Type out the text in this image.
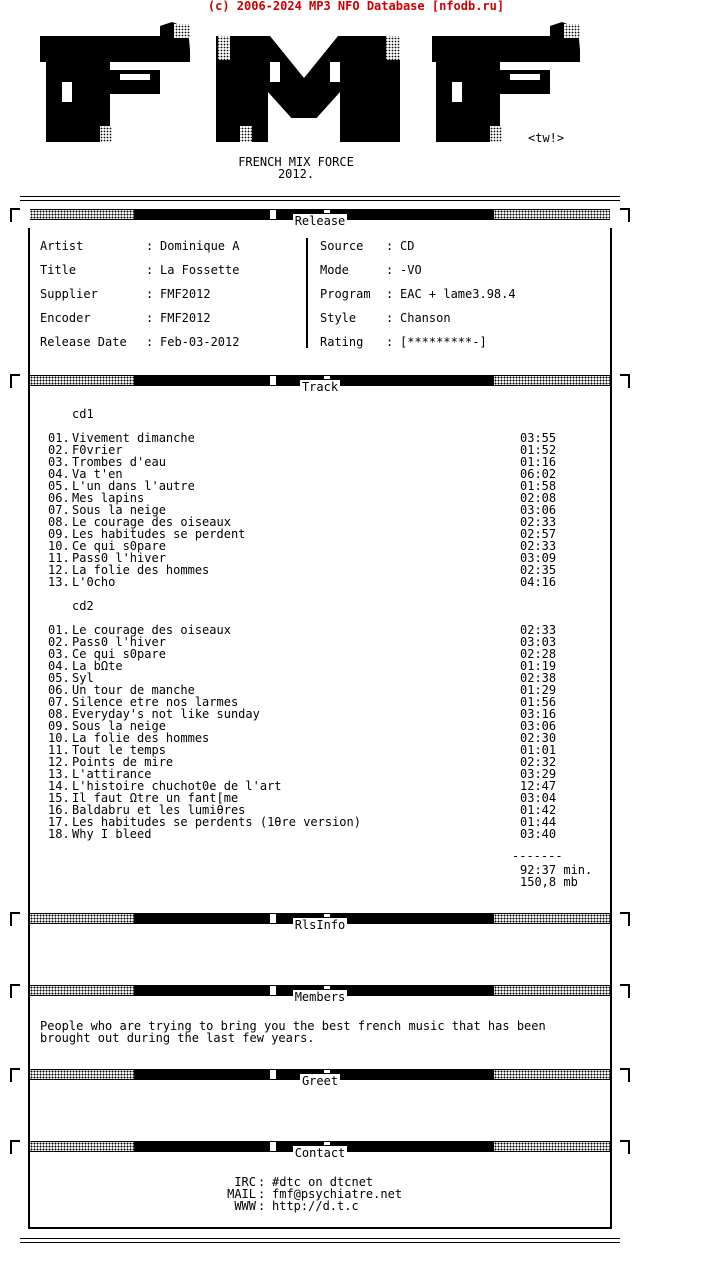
(c) 2006-2024 MP3 NFO Database [nfodb.ru]
<tw!>
FRENCH MIX FORCE
2012.
Release
Artist	: Dominique A
Title	: La Fossette
Supplier	: FMF2012
Encoder	: FMF2012
Release Date : Feb-03-2012
Source : CD
Mode	: -VO
Program : EAC + lame3.98.4
Style : Chanson
Rating : [*********-]
Track
cd1
01. Vivement dimanche	03:55
02. F0vrier	01:52
03. Trombes d'eau	01:16
04. Va t'en	06:02
05. L'un dans l'autre	01:58
06. Mes lapins	02:08
07. Sous la neige	03:06
08. Le courage des oiseaux	02:33
09. Les habitudes se perdent	02:57
10. Ce qui s0pare	02:33
11. Pass0 l'hiver	03:09
12. La folie des hommes	02:35
13. L'0cho	04:16
cd2
01. Le courage des oiseaux	02:33
02. Pass0 l'hiver	03:03
03. Ce qui s0pare	02:28
04. La bΩte	01:19
05. Syl	02:38
06. Un tour de manche	01:29
07. Silence etre nos larmes	01:56
08. Everyday's not like sunday	03:16
09. Sous la neige	03:06
10. La folie des hommes	02:30
11. Tout le temps	01:01
12. Points de mire	02:32
13. L'attirance	03:29
14. L'histoire chuchot0e de l'art	12:47
15. Il faut Ωtre un fant[me	03:04
16. Baldabru et les lumiθres	01:42
17. Les habitudes se perdents (1θre version)	01:44
18. Why I bleed	03:40
-------
92:37 min.
150,8 mb
RlsInfo
Members
People who are trying to bring you the best french music that has been
brought out during the last few years.
Greet
Contact
IRC : #dtc on dtcnet
MAIL : fmf@psychiatre.net
WWW : http://d.t.c
